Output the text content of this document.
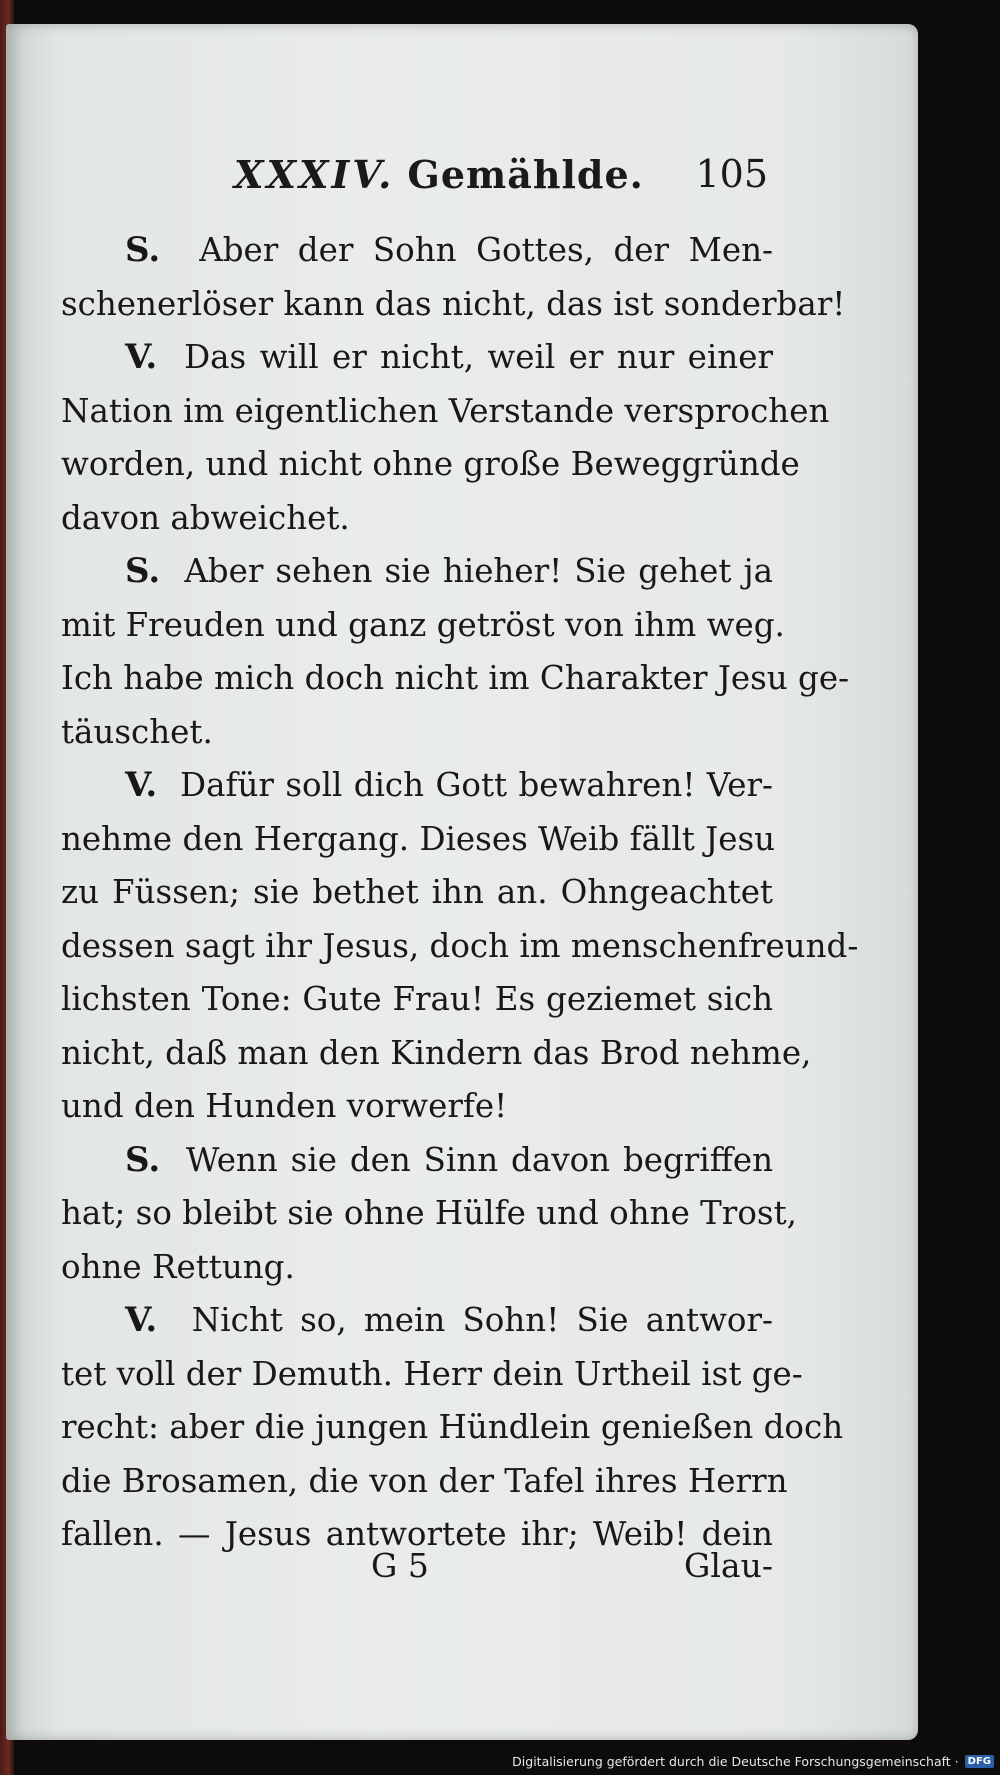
XXXIV. Gemählde. 105
S. Aber der Sohn Gottes, der Men-
schenerlöser kann das nicht, das ist sonderbar!
V. Das will er nicht, weil er nur einer
Nation im eigentlichen Verstande versprochen
worden, und nicht ohne große Beweggründe
davon abweichet.
S. Aber sehen sie hieher! Sie gehet ja
mit Freuden und ganz getröst von ihm weg.
Ich habe mich doch nicht im Charakter Jesu ge-
täuschet.
V. Dafür soll dich Gott bewahren! Ver-
nehme den Hergang. Dieses Weib fällt Jesu
zu Füssen; sie bethet ihn an. Ohngeachtet
dessen sagt ihr Jesus, doch im menschenfreund-
lichsten Tone: Gute Frau! Es geziemet sich
nicht, daß man den Kindern das Brod nehme,
und den Hunden vorwerfe!
S. Wenn sie den Sinn davon begriffen
hat; so bleibt sie ohne Hülfe und ohne Trost,
ohne Rettung.
V. Nicht so, mein Sohn! Sie antwor-
tet voll der Demuth. Herr dein Urtheil ist ge-
recht: aber die jungen Hündlein genießen doch
die Brosamen, die von der Tafel ihres Herrn
fallen. — Jesus antwortete ihr; Weib! dein
G 5	Glau-
Digitalisierung gefördert durch die Deutsche Forschungsgemeinschaft · DFG
